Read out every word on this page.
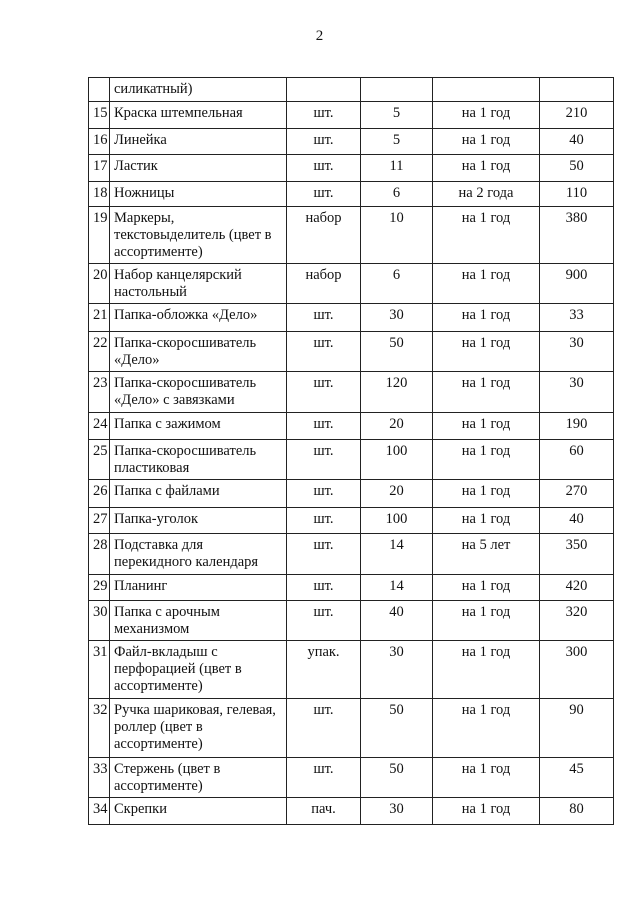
2
	силикатный)				
15	Краска штемпельная	шт.	5	на 1 год	210
16	Линейка	шт.	5	на 1 год	40
17	Ластик	шт.	11	на 1 год	50
18	Ножницы	шт.	6	на 2 года	110
19	Маркеры, текстовыделитель (цвет в ассортименте)	набор	10	на 1 год	380
20	Набор канцелярский настольный	набор	6	на 1 год	900
21	Папка-обложка «Дело»	шт.	30	на 1 год	33
22	Папка-скоросшиватель «Дело»	шт.	50	на 1 год	30
23	Папка-скоросшиватель «Дело» с завязками	шт.	120	на 1 год	30
24	Папка с зажимом	шт.	20	на 1 год	190
25	Папка-скоросшиватель пластиковая	шт.	100	на 1 год	60
26	Папка с файлами	шт.	20	на 1 год	270
27	Папка-уголок	шт.	100	на 1 год	40
28	Подставка для перекидного календаря	шт.	14	на 5 лет	350
29	Планинг	шт.	14	на 1 год	420
30	Папка с арочным механизмом	шт.	40	на 1 год	320
31	Файл-вкладыш с перфорацией (цвет в ассортименте)	упак.	30	на 1 год	300
32	Ручка шариковая, гелевая, роллер (цвет в ассортименте)	шт.	50	на 1 год	90
33	Стержень (цвет в ассортименте)	шт.	50	на 1 год	45
34	Скрепки	пач.	30	на 1 год	80
